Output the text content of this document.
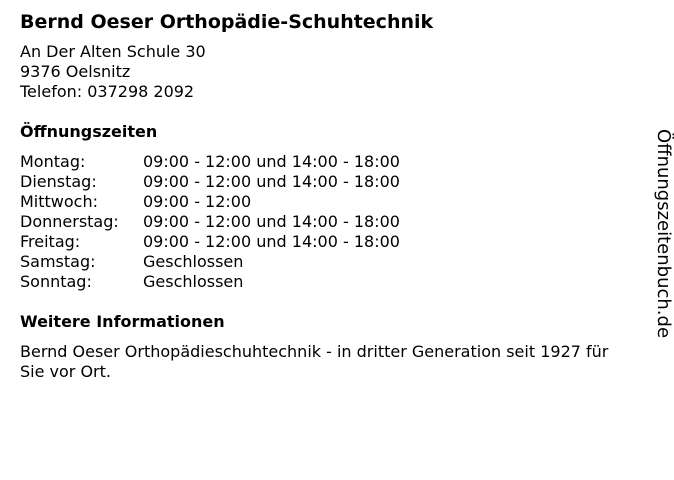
Bernd Oeser Orthopädie-Schuhtechnik
An Der Alten Schule 30
9376 Oelsnitz
Telefon: 037298 2092
Öffnungszeiten
Montag:	09:00 - 12:00 und 14:00 - 18:00
Dienstag:	09:00 - 12:00 und 14:00 - 18:00
Mittwoch:	09:00 - 12:00
Donnerstag:	09:00 - 12:00 und 14:00 - 18:00
Freitag:	09:00 - 12:00 und 14:00 - 18:00
Samstag:	Geschlossen
Sonntag:	Geschlossen
Weitere Informationen
Bernd Oeser Orthopädieschuhtechnik - in dritter Generation seit 1927 für Sie vor Ort.
Öffnungszeitenbuch.de
